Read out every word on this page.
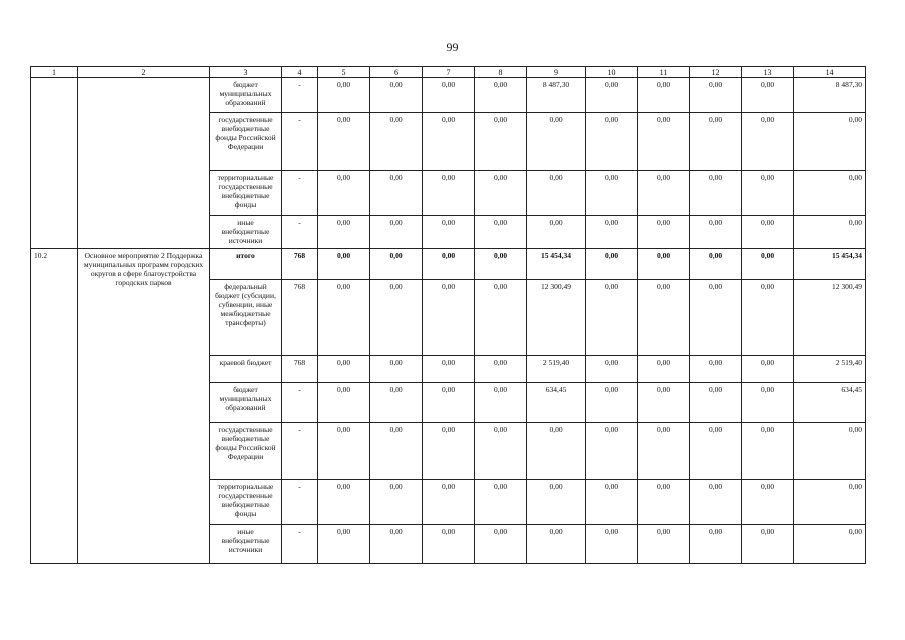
99
1	2	3	4	5	6	7	8	9	10	11	12	13	14
		бюджет муниципальных образований	-	0,00	0,00	0,00	0,00	8 487,30	0,00	0,00	0,00	0,00	8 487,30
		государственные внебюджетные фонды Российской Федерации	-	0,00	0,00	0,00	0,00	0,00	0,00	0,00	0,00	0,00	0,00
		территориальные государственные внебюджетные фонды	-	0,00	0,00	0,00	0,00	0,00	0,00	0,00	0,00	0,00	0,00
		иные внебюджетные источники	-	0,00	0,00	0,00	0,00	0,00	0,00	0,00	0,00	0,00	0,00
10.2	Основное мероприятие 2 Поддержка муниципальных программ городских округов в сфере благоустройства городских парков	итого	768	0,00	0,00	0,00	0,00	15 454,34	0,00	0,00	0,00	0,00	15 454,34
		федеральный бюджет (субсидии, субвенции, иные межбюджетные трансферты)	768	0,00	0,00	0,00	0,00	12 300,49	0,00	0,00	0,00	0,00	12 300,49
		краевой бюджет	768	0,00	0,00	0,00	0,00	2 519,40	0,00	0,00	0,00	0,00	2 519,40
		бюджет муниципальных образований	-	0,00	0,00	0,00	0,00	634,45	0,00	0,00	0,00	0,00	634,45
		государственные внебюджетные фонды Российской Федерации	-	0,00	0,00	0,00	0,00	0,00	0,00	0,00	0,00	0,00	0,00
		территориальные государственные внебюджетные фонды	-	0,00	0,00	0,00	0,00	0,00	0,00	0,00	0,00	0,00	0,00
		иные внебюджетные источники	-	0,00	0,00	0,00	0,00	0,00	0,00	0,00	0,00	0,00	0,00
